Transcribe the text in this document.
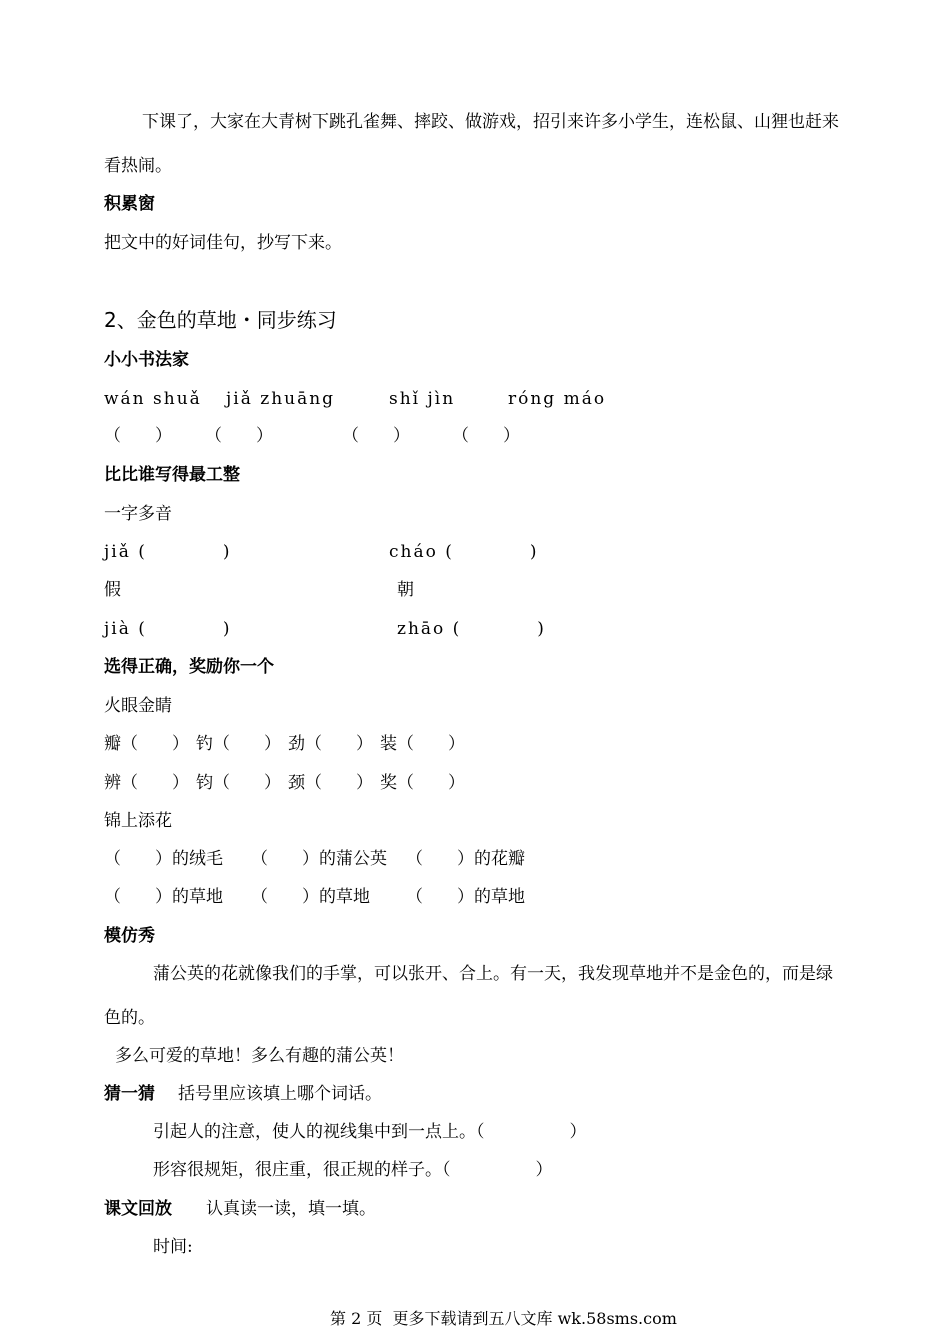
下课了，大家在大青树下跳孔雀舞、摔跤、做游戏，招引来许多小学生，连松鼠、山狸也赶来
看热闹。
积累窗
把文中的好词佳句，抄写下来。
2、金色的草地・同步练习
小小书法家
wán shuǎ jiǎ zhuāng	shǐ jìn	róng máo
（　　） （　　）	（　　） （　　）
比比谁写得最工整
一字多音
jiǎ (　　　　)	cháo (　　　　)
假	朝
jià (　　　　)	zhāo (　　　　)
选得正确，奖励你一个
火眼金睛
瓣（　　） 钓（　　） 劲（　　） 装（　　）
辨（　　） 钧（　　） 颈（　　） 奖（　　）
锦上添花
（　　）的绒毛 （　　）的蒲公英 （　　）的花瓣
（　　）的草地 （　　）的草地 （　　）的草地
模仿秀
蒲公英的花就像我们的手掌，可以张开、合上。有一天，我发现草地并不是金色的，而是绿
色的。
多么可爱的草地！多么有趣的蒲公英！
猜一猜 括号里应该填上哪个词话。
引起人的注意，使人的视线集中到一点上。（　　　　　）
形容很规矩，很庄重，很正规的样子。（　　　　　）
课文回放 认真读一读，填一填。
时间:
第 2 页  更多下载请到五八文库 wk.58sms.com
